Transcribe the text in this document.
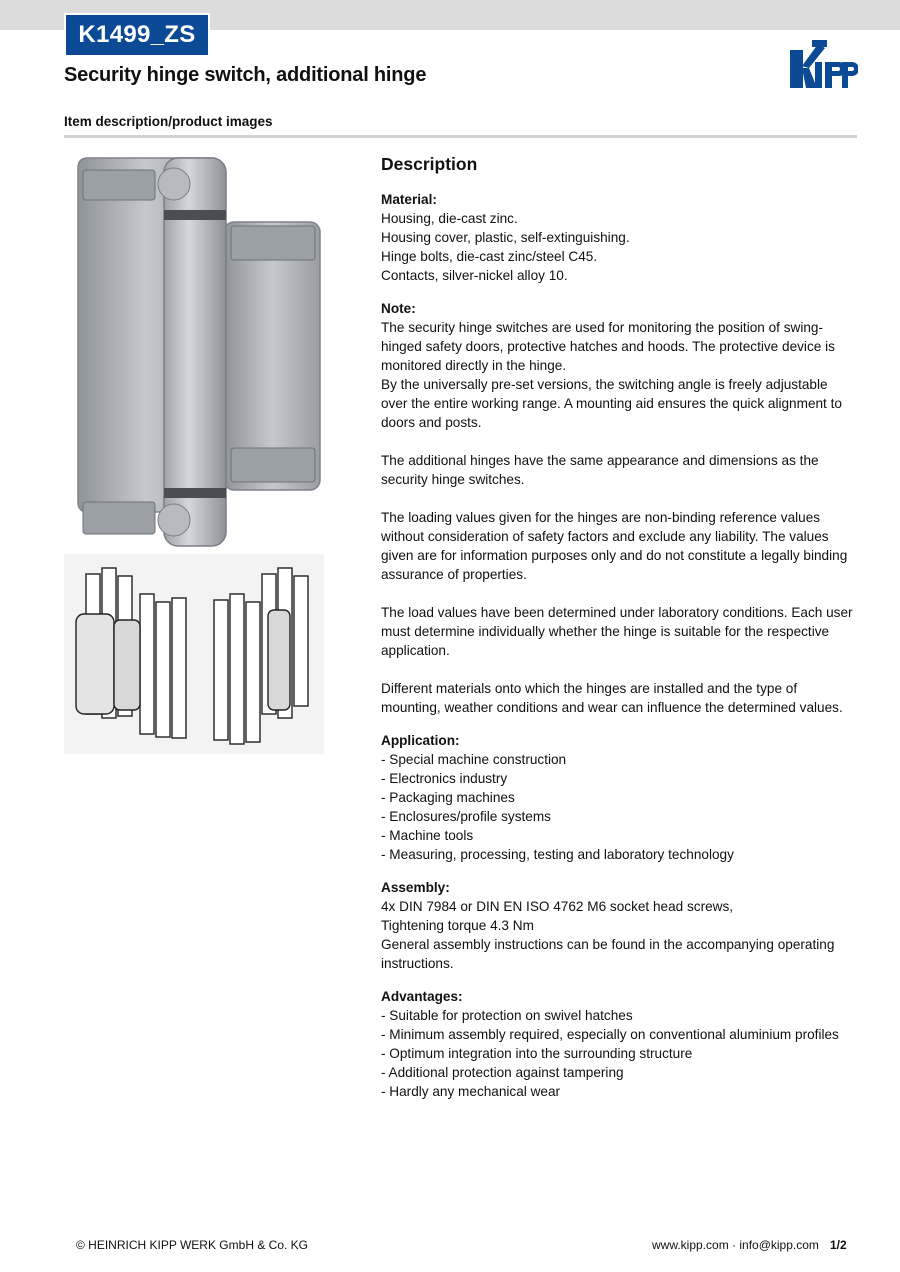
K1499_ZS
Security hinge switch, additional hinge
Item description/product images
Description
Material:
Housing, die-cast zinc.
Housing cover, plastic, self-extinguishing.
Hinge bolts, die-cast zinc/steel C45.
Contacts, silver-nickel alloy 10.
Note:

The security hinge switches are used for monitoring the position of swing-hinged safety doors, protective hatches and hoods. The protective device is monitored directly in the hinge.

By the universally pre-set versions, the switching angle is freely adjustable over the entire working range. A mounting aid ensures the quick alignment to doors and posts.

The additional hinges have the same appearance and dimensions as the security hinge switches.

The loading values given for the hinges are non-binding reference values without consideration of safety factors and exclude any liability. The values given are for information purposes only and do not constitute a legally binding assurance of properties.

The load values have been determined under laboratory conditions. Each user must determine individually whether the hinge is suitable for the respective application.

Different materials onto which the hinges are installed and the type of mounting, weather conditions and wear can influence the determined values.

Application:
- Special machine construction
- Electronics industry
- Packaging machines
- Enclosures/profile systems
- Machine tools
- Measuring, processing, testing and laboratory technology
Assembly:
4x DIN 7984 or DIN EN ISO 4762 M6 socket head screws,
Tightening torque 4.3 Nm
General assembly instructions can be found in the accompanying operating instructions.
Advantages:
- Suitable for protection on swivel hatches
- Minimum assembly required, especially on conventional aluminium profiles
- Optimum integration into the surrounding structure
- Additional protection against tampering
- Hardly any mechanical wear
© HEINRICH KIPP WERK GmbH & Co. KG	www.kipp.com · info@kipp.com 1/2
